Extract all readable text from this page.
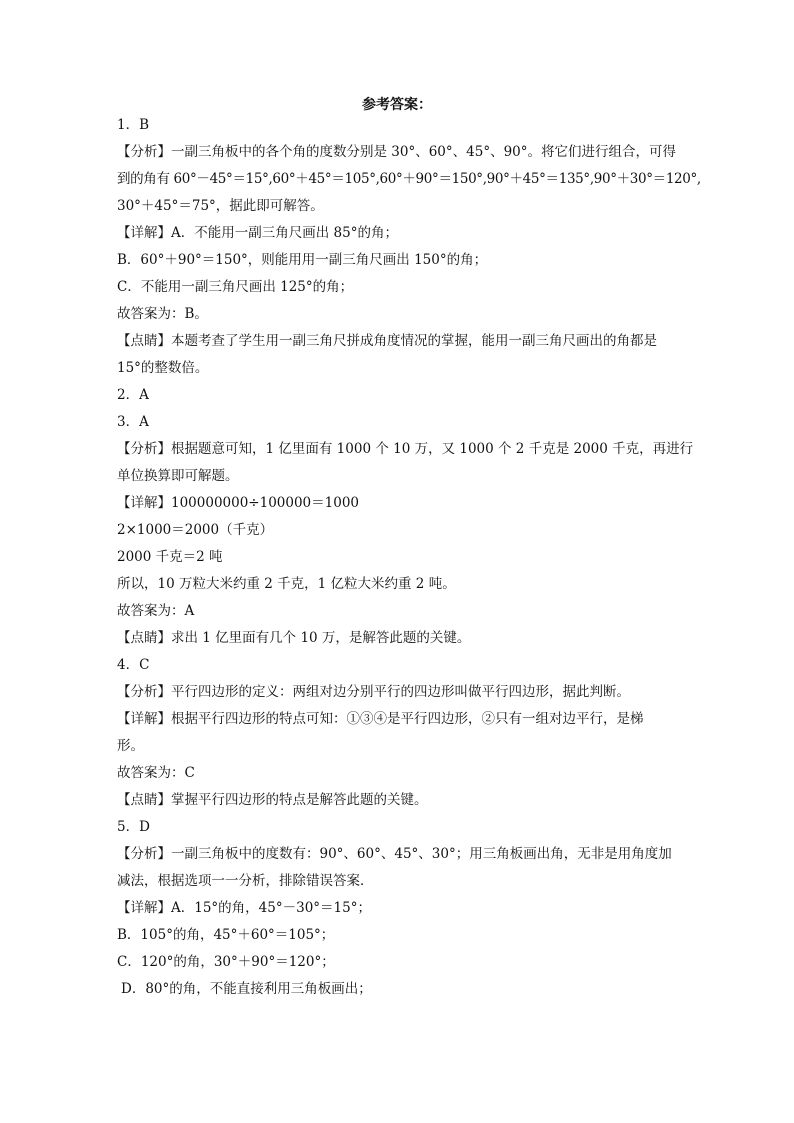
参考答案：
1．B
【分析】一副三角板中的各个角的度数分别是 30°、60°、45°、90°。将它们进行组合，可得
到的角有 60°－45°＝15°,60°＋45°＝105°,60°＋90°＝150°,90°＋45°＝135°,90°＋30°＝120°,
30°＋45°＝75°，据此即可解答。
【详解】A．不能用一副三角尺画出 85°的角；
B．60°＋90°＝150°，则能用用一副三角尺画出 150°的角；
C．不能用一副三角尺画出 125°的角；
故答案为：B。
【点睛】本题考查了学生用一副三角尺拼成角度情况的掌握，能用一副三角尺画出的角都是
15°的整数倍。
2．A
3．A
【分析】根据题意可知，1 亿里面有 1000 个 10 万，又 1000 个 2 千克是 2000 千克，再进行
单位换算即可解题。
【详解】100000000÷100000＝1000
2×1000＝2000（千克）
2000 千克＝2 吨
所以，10 万粒大米约重 2 千克，1 亿粒大米约重 2 吨。
故答案为：A
【点睛】求出 1 亿里面有几个 10 万，是解答此题的关键。
4．C
【分析】平行四边形的定义：两组对边分别平行的四边形叫做平行四边形，据此判断。
【详解】根据平行四边形的特点可知：①③④是平行四边形，②只有一组对边平行，是梯
形。
故答案为：C
【点睛】掌握平行四边形的特点是解答此题的关键。
5．D
【分析】一副三角板中的度数有：90°、60°、45°、30°；用三角板画出角，无非是用角度加
减法，根据选项一一分析，排除错误答案．
【详解】A．15°的角，45°－30°＝15°；
B．105°的角，45°＋60°＝105°；
C．120°的角，30°＋90°＝120°；
D．80°的角，不能直接利用三角板画出；
